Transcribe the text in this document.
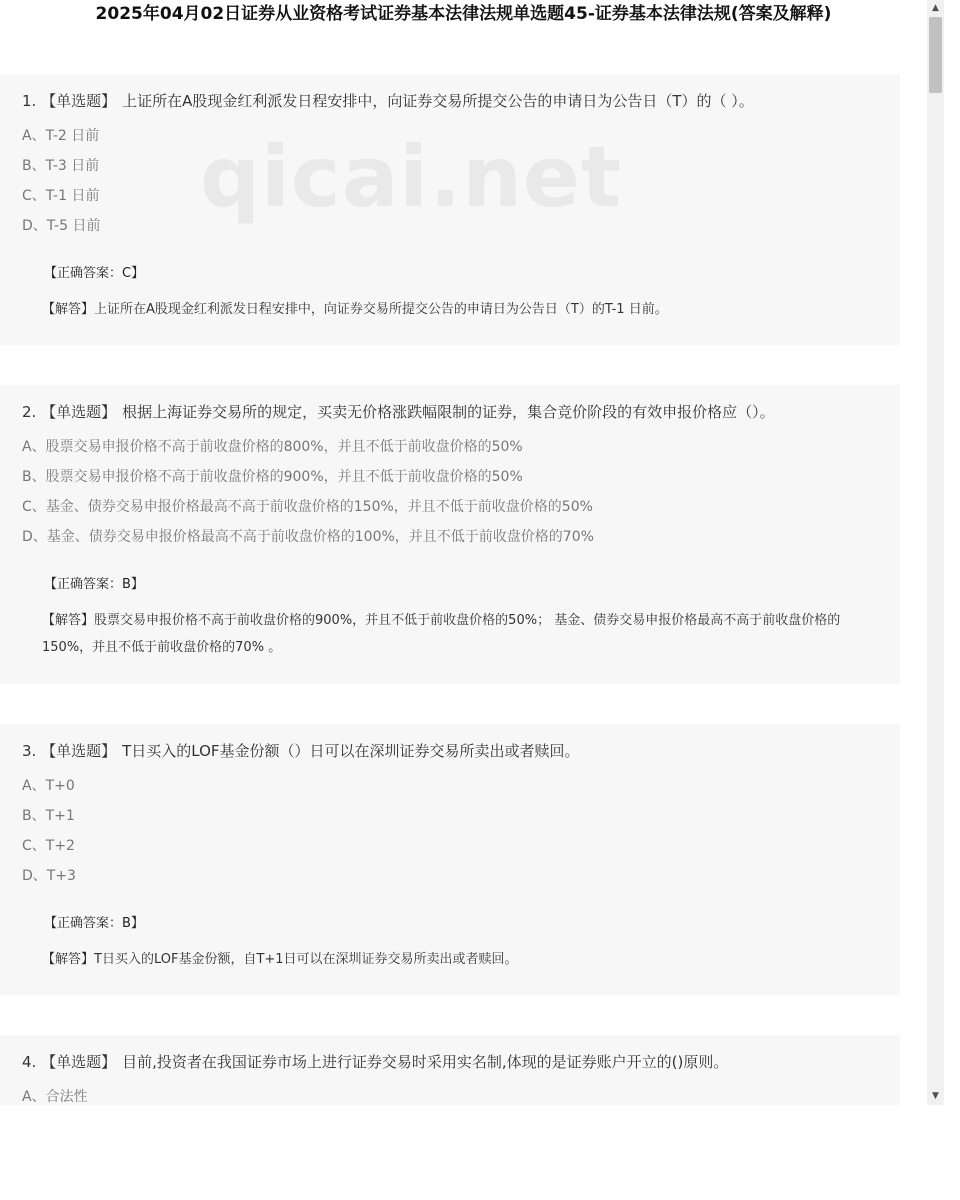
2025年04月02日证券从业资格考试证券基本法律法规单选题45-证券基本法律法规(答案及解释)
1. 【单选题】 上证所在A股现金红利派发日程安排中，向证券交易所提交公告的申请日为公告日（T）的（ ）。
A、T-2 日前
B、T-3 日前
C、T-1 日前
D、T-5 日前
【正确答案：C】
【解答】上证所在A股现金红利派发日程安排中，向证券交易所提交公告的申请日为公告日（T）的T-1 日前。
2. 【单选题】 根据上海证券交易所的规定，买卖无价格涨跌幅限制的证券，集合竞价阶段的有效申报价格应（）。
A、股票交易申报价格不高于前收盘价格的800%，并且不低于前收盘价格的50%
B、股票交易申报价格不高于前收盘价格的900%，并且不低于前收盘价格的50%
C、基金、债券交易申报价格最高不高于前收盘价格的150%，并且不低于前收盘价格的50%
D、基金、债券交易申报价格最高不高于前收盘价格的100%，并且不低于前收盘价格的70%
【正确答案：B】
【解答】股票交易申报价格不高于前收盘价格的900%，并且不低于前收盘价格的50%； 基金、债券交易申报价格最高不高于前收盘价格的150%，并且不低于前收盘价格的70% 。
3. 【单选题】 T日买入的LOF基金份额（）日可以在深圳证券交易所卖出或者赎回。
A、T+0
B、T+1
C、T+2
D、T+3
【正确答案：B】
【解答】T日买入的LOF基金份额，自T+1日可以在深圳证券交易所卖出或者赎回。
4. 【单选题】 目前,投资者在我国证券市场上进行证券交易时采用实名制,体现的是证券账户开立的()原则。
A、合法性
qicai.net
▲
▼
